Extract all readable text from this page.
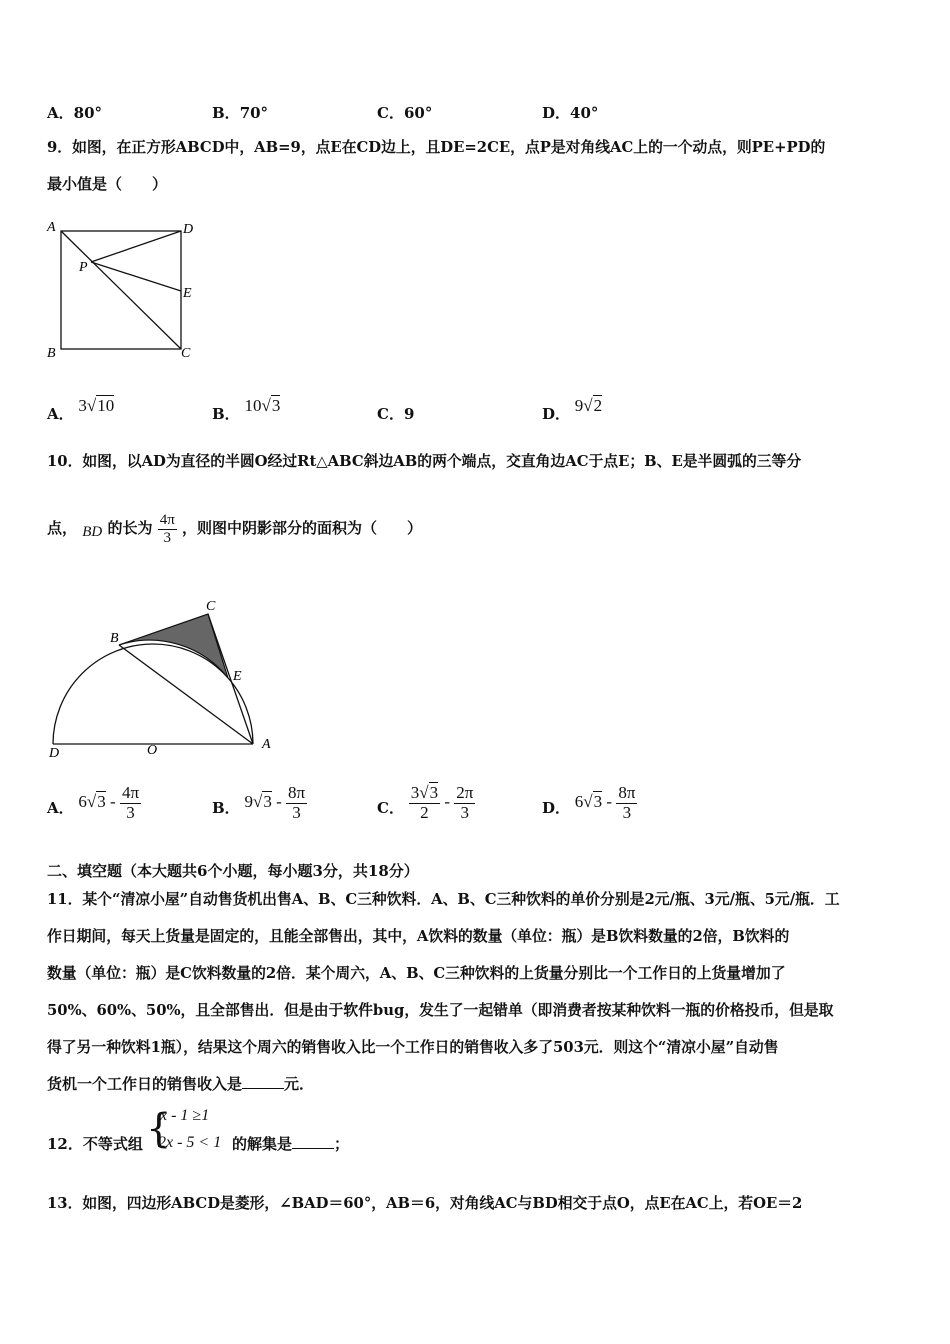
A．80°	B．70°	C．60°	D．40°
9．如图，在正方形ABCD中，AB=9，点E在CD边上，且DE=2CE，点P是对角线AC上的一个动点，则PE+PD的
最小值是（　　）
A	D
P
E
B	C
A． 3√10	B． 10√3	C．9	D． 9√2
10．如图，以AD为直径的半圆O经过Rt△ABC斜边AB的两个端点，交直角边AC于点E；B、E是半圆弧的三等分
点， BD 的长为 $\frac{4\pi}{3}$ ，则图中阴影部分的面积为（　　）
C
B
E
D	O	A
A． $6√3 - \frac{4\pi}{3}$	B． $9√3 - \frac{8\pi}{3}$	C． $\frac{3√3}{2} - \frac{2\pi}{3}$	D． $6√3 - \frac{8\pi}{3}$
二、填空题（本大题共6个小题，每小题3分，共18分）
11．某个“清凉小屋”自动售货机出售A、B、C三种饮料．A、B、C三种饮料的单价分别是2元/瓶、3元/瓶、5元/瓶．工
作日期间，每天上货量是固定的，且能全部售出，其中，A饮料的数量（单位：瓶）是B饮料数量的2倍，B饮料的
数量（单位：瓶）是C饮料数量的2倍．某个周六，A、B、C三种饮料的上货量分别比一个工作日的上货量增加了
50%、60%、50%，且全部售出．但是由于软件bug，发生了一起错单（即消费者按某种饮料一瓶的价格投币，但是取
得了另一种饮料1瓶），结果这个周六的销售收入比一个工作日的销售收入多了503元．则这个“清凉小屋”自动售
货机一个工作日的销售收入是	元．
12．不等式组 {
x - 1 ≥1
2x - 5 < 1 的解集是	；
13．如图，四边形ABCD是菱形，∠BAD＝60°，AB＝6，对角线AC与BD相交于点O，点E在AC上，若OE＝2
